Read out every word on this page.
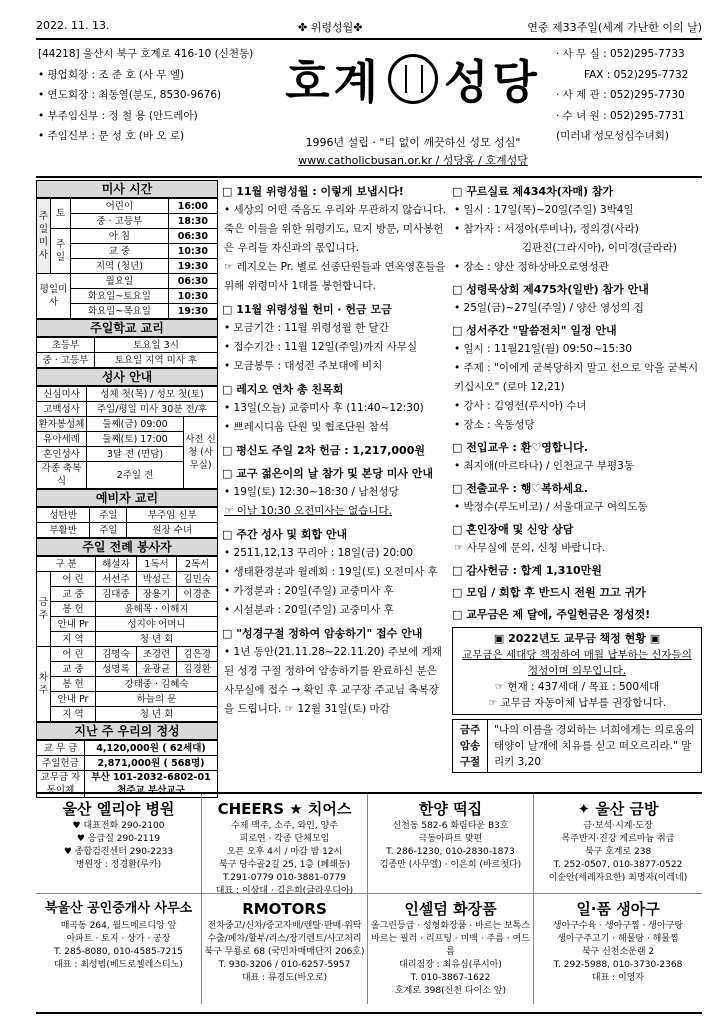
2022. 11. 13.	✤ 위령성월✤	연중 제33주일(세계 가난한 이의 날)
[44218] 울산시 북구 호계로 416-10 (신천동)
• 평업회장 : 조 준 호 (사 무 엘)
• 연도회장 : 최동열(분도, 8530-9676)
• 부주임신부 : 정 철 용 (안드레아)
• 주임신부 : 문 성 호 (바 오 로)
호계 성당
1996년 설립 · "티 없이 깨끗하신 성모 성심"
www.catholicbusan.or.kr / 성당홈 / 호계성당
· 사 무 실 : 052)295-7733
FAX : 052)295-7732
· 사 제 관 : 052)295-7730
· 수 녀 원 : 052)295-7731
(미러내 성모성심수녀회)
미사 시간
주일미사	토	어린이	16:00
		중 · 고등부	18:30
	주일	아 침	06:30
		교 중	10:30
		지역 (청년)	19:30
평일미사		월요일	06:30
		화요일~토요일	10:30
		화요일~목요일	19:30
주일학교 교리
초등부	토요일 3시
중 · 고등부	토요일 지역 미사 후
성사 안내
신심미사	성체 첫(목) / 성모 첫(토)	
고백성사	주일/평일 미사 30분 전/후	
환자봉성체	둘째(금) 09:00	사전 신청 (사무실)
유아세례	둘째(토) 17:00	
혼인성사	3달 전 (면담)	
각종 축복식	2주일 전	
예비자 교리
성탄반	주일	부주임 신부
부활반	주일	원장 수녀
주일 전례 봉사자
구 분		해설자	1독서	2독서
금주	어 린	서선주	박성근	김민숙
	교 중	김대중	장용기	이경춘
	봉 헌	윤해목 · 이해지		
	안내 Pr	성지야 어머니		
	지 역	청 년 회		
차주	어 린	김명숙	조경련	김은경
	교 중	성명록	윤광균	김경환
	봉 헌	강태중 · 김혜숙		
	안내 Pr	하늘의 문		
	지 역	청 년 회		
지난 주 우리의 정성
교 무 금	4,120,000원 ( 62세대)
주일헌금	2,871,000원 ( 568명)
교무금 자동이체	부산 101-2032-6802-01 천주교 부산교구
□ 11월 위령성월 : 이렇게 보냅시다!
• 세상의 어떤 죽음도 우리와 무관하지 않습니다. 죽은 이들을 위한 위령기도, 묘지 방문, 미사봉헌은 우리들 자신과의 몫입니다.
☞ 레지오는 Pr. 별로 선종단원들과 연옥영혼들을 위해 위령미사 1대를 봉헌합니다.
□ 11월 위령성월 헌미 · 헌금 모금
• 모금기간 : 11월 위령성월 한 달간
• 접수기간 : 11월 12일(주일)까지 사무실
• 모금봉투 : 대성전 주보대에 비치
□ 레지오 연차 총 친목회
• 13일(오늘) 교중미사 후 (11:40~12:30)
• 쁘레시디움 단원 및 협조단원 참석
□ 평신도 주일 2차 헌금 : 1,217,000원
□ 교구 젊은이의 날 참가 및 본당 미사 안내
• 19일(토) 12:30~18:30 / 남천성당
☞ 이날 10:30 오전미사는 없습니다.
□ 주간 성사 및 회합 안내
• 2511,12,13 꾸리아 : 18일(금) 20:00
• 생태환경분과 월례회 : 19일(토) 오전미사 후
• 가정분과 : 20일(주일) 교중미사 후
• 시설분과 : 20일(주일) 교중미사 후
□ "성경구절 정하여 암송하기" 접수 안내
• 1년 동안(21.11.28~22.11.20) 주보에 게재된 성경 구절 정하여 암송하기를 완료하신 분은 사무실에 접수 → 확인 후 교구장 주교님 축복장을 드립니다. ☞ 12월 31일(토) 마감
□ 꾸르실료 제434차(자매) 참가
• 일시 : 17일(목)~20일(주일) 3박4일
• 참가자 : 서정아(루비나), 정의경(사라)
김판진(그라시아), 이미경(글라라)
• 장소 : 양산 정하상바오로영성관
□ 성령묵상회 제475차(일반) 참가 안내
• 25일(금)~27일(주일) / 양산 영성의 집
□ 성서주간 "말씀전치" 일정 안내
• 일시 : 11월21일(월) 09:50~15:30
• 주제 : "이에게 굳복당하지 말고 선으로 악을 굳복시키십시오" (로마 12,21)
• 강사 : 김영선(루시아) 수녀
• 장소 : 옥동성당
□ 전입교우 : 환♡영합니다.
• 최지애(마르타나) / 인천교구 부평3동
□ 전출교우 : 행♡복하세요.
• 박정수(루도비코) / 서울대교구 여의도동
□ 혼인장애 및 신앙 상담
☞ 사무실에 문의, 신청 바랍니다.
□ 감사헌금 : 합계 1,310만원
□ 모임 / 회합 후 반드시 전원 끄고 귀가
□ 교무금은 제 달에, 주일헌금은 정성껏!
▣ 2022년도 교무금 책정 현황 ▣
교무금은 세대당 책정하여 매월 납부하는 신자들의 정성이며 의무입니다.
☞ 현재 : 437세대 / 목표 : 500세대
☞ 교무금 자동이체 납부를 권장합니다.
금주 암송 구절
"나의 이름을 경외하는 너희에게는 의로움의 태양이 날개에 치유를 싣고 떠오르리라." 말리키 3,20
울산 엘리야 병원
♥ 대표전화 290-2100
♥ 응급실 290-2119
♥ 종합검진센터 290-2233
병원장 : 정경환(루카)
CHEERS ★ 치어스
수제 맥주, 소주, 와인, 양주
피로연 · 각종 단체모임
오픈 오후 4시 / 마감 밤 12시
북구 당수골2길 25, 1층 (폐쇄동)
T.291-0779 010-3881-0779
대표 : 이상대 · 김은희(글라우디아)
한양 떡집
신천동 582-6 화림타운 B3호
극동아파트 맞편
T. 286-1230, 010-2830-1873
김종만 (사무엘) · 이은희 (바르첫다)
✦ 울산 금방
금·보석·시계·도장
목주반지·진강 게르마늄 취급
북구 호계로 238
T. 252-0507, 010-3877-0522
이순안(세례자요한) 최명자(이레네)
북울산 공인중개사 사무소
매곡동 264, 월드메르디앙 앞
아파트 · 토지 · 상가 · 공장
T. 285-8080, 010-4585-7215
대표 : 최성범(베드로첼레스티노)
RMOTORS
전차중고/신차/중고자배/렌탈·판매·위탁
수출/폐차/할부/리스/장기렌트/사고처리
북구 무룡로 68 (국민차매매단지 206호)
T. 930-3206 / 010-6257-5957
대표 : 류경도(바오로)
인셀덤 화장품
올그린등급 · 성형화장품 · 바르는 보톡스
바르는 필러 · 리프팅 · 미백 · 주름 · 여드름
대리점장 : 최유심(루시아)
T. 010-3867-1622
호계로 398(신천 다이소 앞)
일·품 생아구
생아구수육 · 생아구찜 · 생아구탕
생아구주고기 · 해물탕 · 해물찜
북구 신천소운랜 2
T. 292-5988, 010-3730-2368
대표 : 이영자
